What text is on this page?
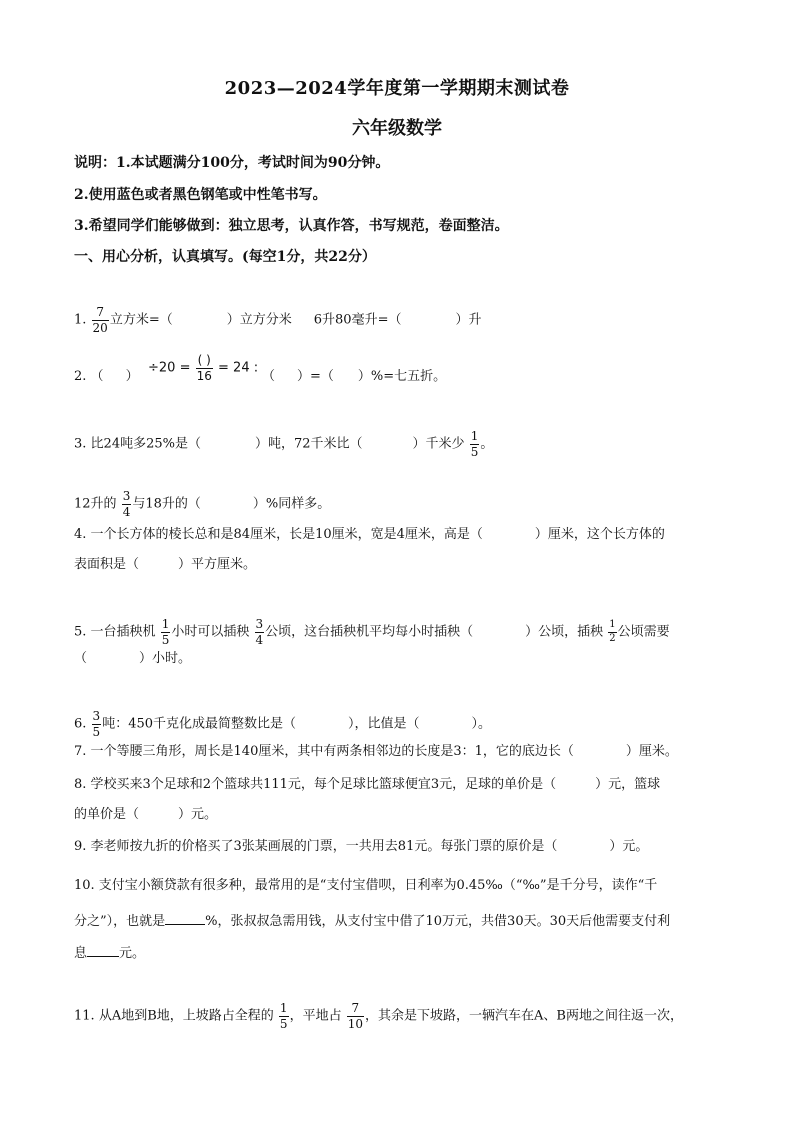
2023—2024学年度第一学期期末测试卷
六年级数学
说明：1.本试题满分100分，考试时间为90分钟。
2.使用蓝色或者黑色钢笔或中性笔书写。
3.希望同学们能够做到：独立思考，认真作答，书写规范，卷面整洁。
一、用心分析，认真填写。(每空1分，共22分）
1. $\frac{7}{20}$ 立方米=（	）立方分米 6升80毫升=（	）升
2. （ ）
$\div 20 = \frac{( )}{16} = 24$ :
（ ）=（ ）%=七五折。
3. 比24吨多25%是（	）吨，72千米比（	）千米少 $\frac{1}{5}$ 。
12升的 $\frac{3}{4}$ 与18升的（	）%同样多。
4. 一个长方体的棱长总和是84厘米，长是10厘米，宽是4厘米，高是（　　　　）厘米，这个长方体的
表面积是（　　　）平方厘米。
5. 一台插秧机 $\frac{1}{5}$ 小时可以插秧 $\frac{3}{4}$ 公顷，这台插秧机平均每小时插秧（　　　　）公顷，插秧 $\frac{1}{2}$ 公顷需要
（　　　　）小时。
6. $\frac{3}{5}$ 吨：450千克化成最简整数比是（　　　　），比值是（　　　　）。
7. 一个等腰三角形，周长是140厘米，其中有两条相邻边的长度是3：1，它的底边长（　　　　）厘米。
8. 学校买来3个足球和2个篮球共111元，每个足球比篮球便宜3元，足球的单价是（　　　）元，篮球
的单价是（　　　）元。
9. 李老师按九折的价格买了3张某画展的门票，一共用去81元。每张门票的原价是（　　　　）元。
10. 支付宝小额贷款有很多种，最常用的是“支付宝借呗，日利率为0.45‰（“‰”是千分号，读作“千
分之”），也就是	%，张叔叔急需用钱，从支付宝中借了10万元，共借30天。30天后他需要支付利
息 元。
11. 从A地到B地，上坡路占全程的 $\frac{1}{5}$ ，平地占 $\frac{7}{10}$ ，其余是下坡路，一辆汽车在A、B两地之间往返一次，
